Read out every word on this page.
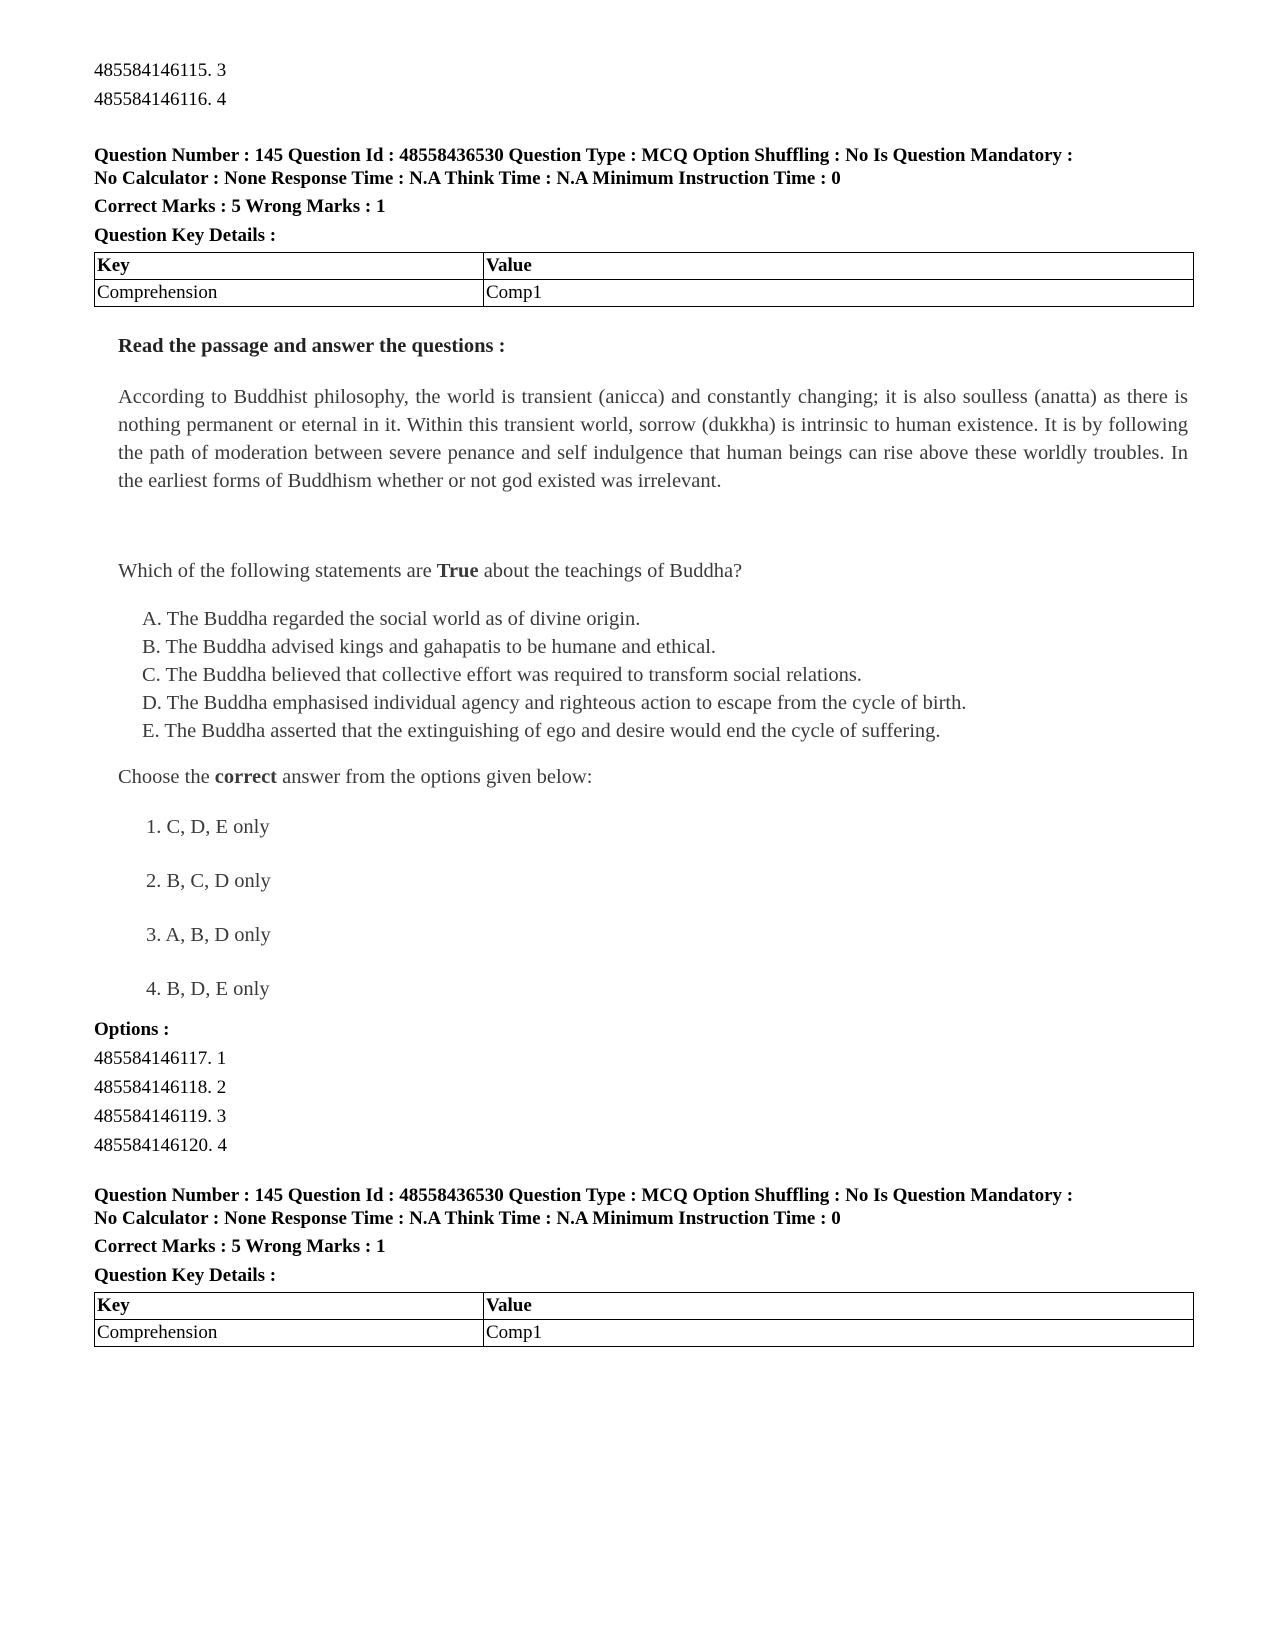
485584146115. 3
485584146116. 4
Question Number : 145 Question Id : 48558436530 Question Type : MCQ Option Shuffling : No Is Question Mandatory :
No Calculator : None Response Time : N.A Think Time : N.A Minimum Instruction Time : 0
Correct Marks : 5 Wrong Marks : 1
Question Key Details :
Key	Value
Comprehension	Comp1
Read the passage and answer the questions :
According to Buddhist philosophy, the world is transient (anicca) and constantly changing; it is also soulless (anatta) as there is nothing permanent or eternal in it. Within this transient world, sorrow (dukkha) is intrinsic to human existence. It is by following the path of moderation between severe penance and self indulgence that human beings can rise above these worldly troubles. In the earliest forms of Buddhism whether or not god existed was irrelevant.
Which of the following statements are True about the teachings of Buddha?
A. The Buddha regarded the social world as of divine origin.
B. The Buddha advised kings and gahapatis to be humane and ethical.
C. The Buddha believed that collective effort was required to transform social relations.
D. The Buddha emphasised individual agency and righteous action to escape from the cycle of birth.
E. The Buddha asserted that the extinguishing of ego and desire would end the cycle of suffering.
Choose the correct answer from the options given below:
1. C, D, E only
2. B, C, D only
3. A, B, D only
4. B, D, E only
Options :
485584146117. 1
485584146118. 2
485584146119. 3
485584146120. 4
Question Number : 145 Question Id : 48558436530 Question Type : MCQ Option Shuffling : No Is Question Mandatory :
No Calculator : None Response Time : N.A Think Time : N.A Minimum Instruction Time : 0
Correct Marks : 5 Wrong Marks : 1
Question Key Details :
Key	Value
Comprehension	Comp1
